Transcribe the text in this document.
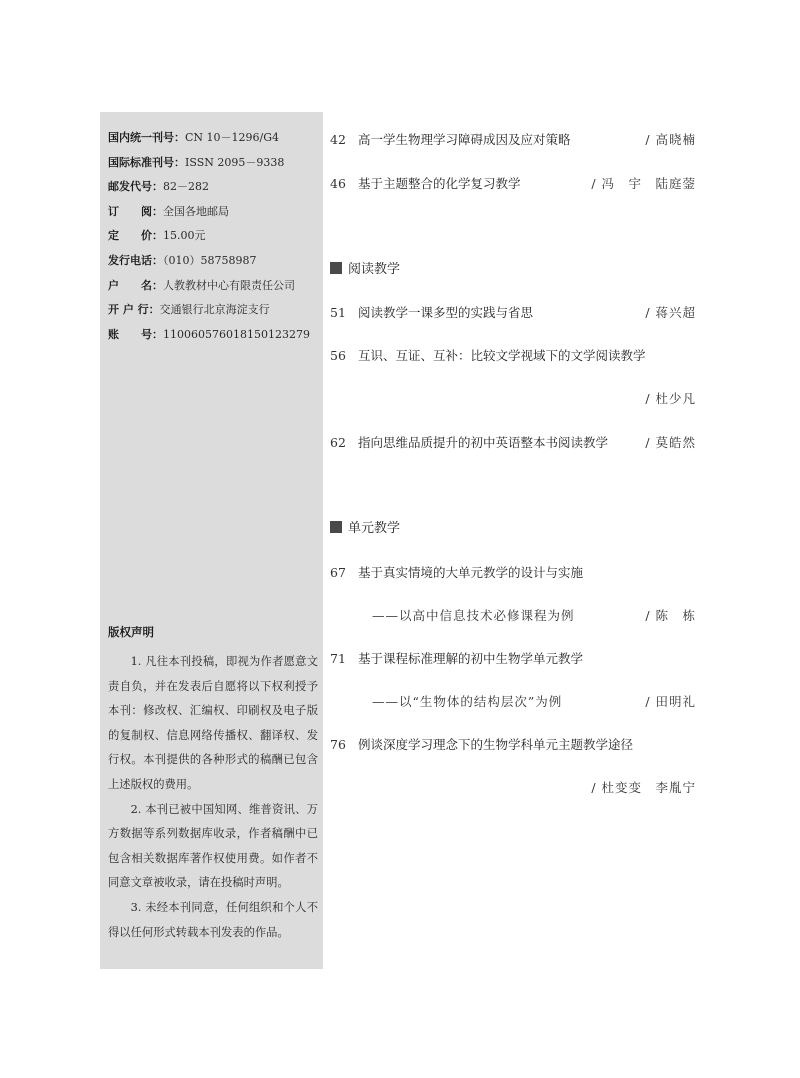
国内统一刊号：CN 10－1296/G4
国际标准刊号：ISSN 2095－9338
邮发代号：82－282
订　　阅：全国各地邮局
定　　价：15.00元
发行电话：（010）58758987
户　　名：人教教材中心有限责任公司
开 户 行：交通银行北京海淀支行
账　　号：110060576018150123279
版权声明

1. 凡往本刊投稿，即视为作者愿意文责自负，并在发表后自愿将以下权利授予本刊：修改权、汇编权、印刷权及电子版的复制权、信息网络传播权、翻译权、发行权。本刊提供的各种形式的稿酬已包含上述版权的费用。

2. 本刊已被中国知网、维普资讯、万方数据等系列数据库收录，作者稿酬中已包含相关数据库著作权使用费。如作者不同意文章被收录，请在投稿时声明。

3. 未经本刊同意，任何组织和个人不得以任何形式转载本刊发表的作品。

42 高一学生物理学习障碍成因及应对策略	/ 高晓楠
46 基于主题整合的化学复习教学	/ 冯　宇　陆庭蓥
阅读教学
51 阅读教学一课多型的实践与省思	/ 蒋兴超
56 互识、互证、互补：比较文学视域下的文学阅读教学
/ 杜少凡
62 指向思维品质提升的初中英语整本书阅读教学	/ 莫皓然
单元教学
67 基于真实情境的大单元教学的设计与实施
——以高中信息技术必修课程为例	/ 陈　栋
71 基于课程标准理解的初中生物学单元教学
——以“生物体的结构层次”为例	/ 田明礼
76 例谈深度学习理念下的生物学科单元主题教学途径
/ 杜变变　李胤宁
